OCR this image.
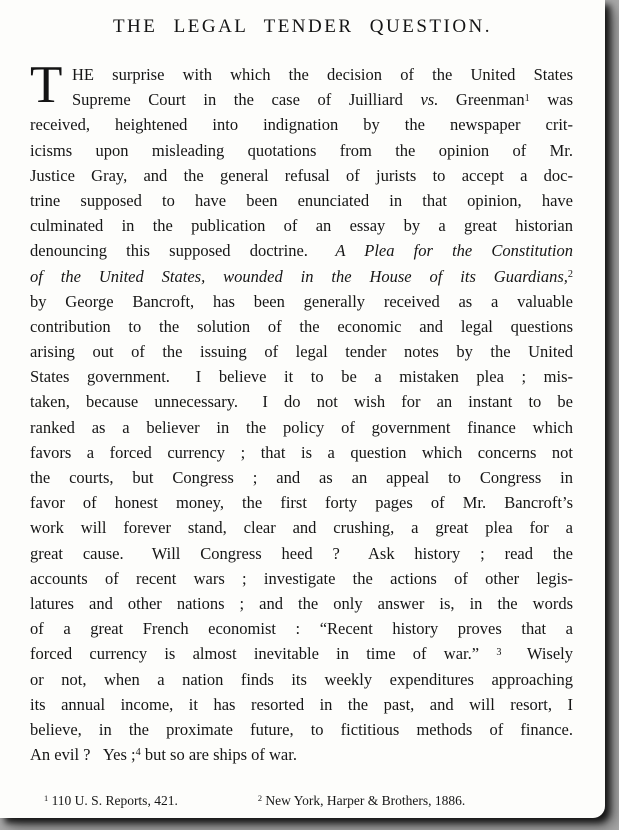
THE LEGAL TENDER QUESTION.
T HE surprise with which the decision of the United States
Supreme Court in the case of Juilliard vs. Greenman$^1$ was
received, heightened into indignation by the newspaper crit-
icisms upon misleading quotations from the opinion of Mr.
Justice Gray, and the general refusal of jurists to accept a doc-
trine supposed to have been enunciated in that opinion, have
culminated in the publication of an essay by a great historian
denouncing this supposed doctrine.  A Plea for the Constitution
of the United States, wounded in the House of its Guardians,$^2$
by George Bancroft, has been generally received as a valuable
contribution to the solution of the economic and legal questions
arising out of the issuing of legal tender notes by the United
States government.  I believe it to be a mistaken plea ; mis-
taken, because unnecessary.  I do not wish for an instant to be
ranked as a believer in the policy of government finance which
favors a forced currency ; that is a question which concerns not
the courts, but Congress ; and as an appeal to Congress in
favor of honest money, the first forty pages of Mr. Bancroft’s
work will forever stand, clear and crushing, a great plea for a
great cause.  Will Congress heed ?  Ask history ; read the
accounts of recent wars ; investigate the actions of other legis-
latures and other nations ; and the only answer is, in the words
of a great French economist : “Recent history proves that a
forced currency is almost inevitable in time of war.” $^3$  Wisely
or not, when a nation finds its weekly expenditures approaching
its annual income, it has resorted in the past, and will resort, I
believe, in the proximate future, to fictitious methods of finance.
An evil ?  Yes ;$^4$ but so are ships of war.
$^1$ 110 U. S. Reports, 421.	$^2$ New York, Harper & Brothers, 1886.
